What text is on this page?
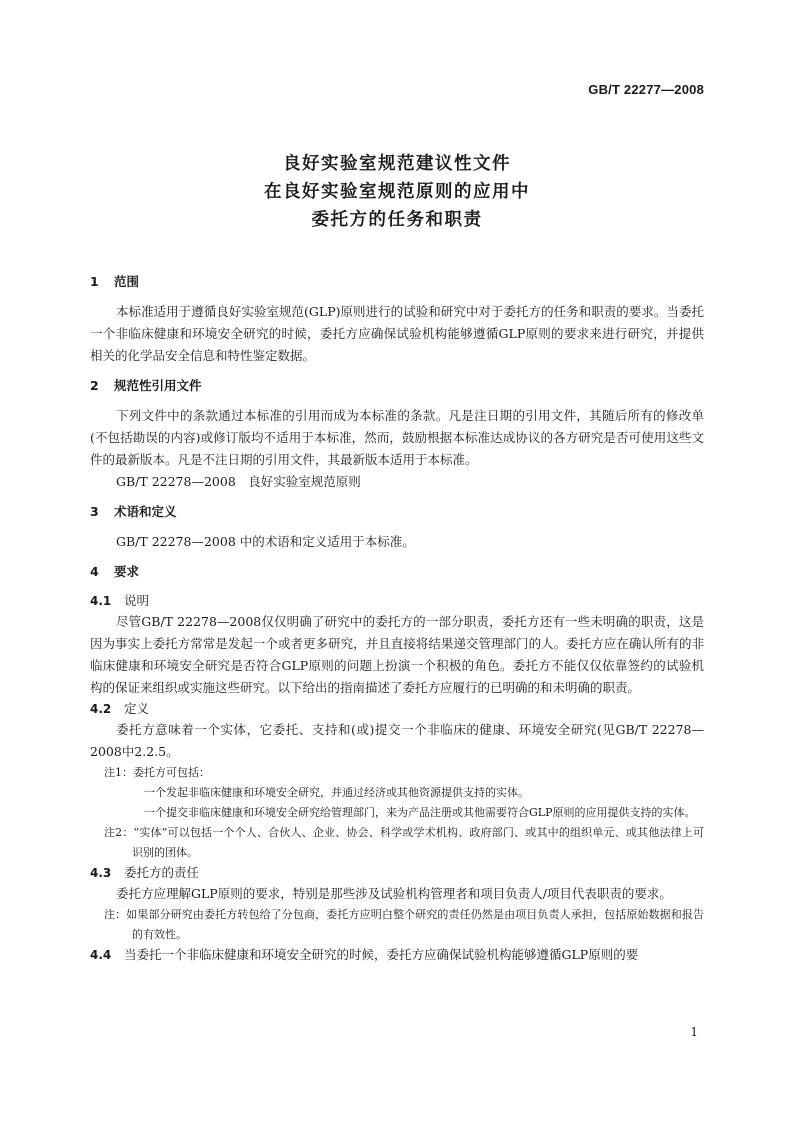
GB/T 22277—2008
良好实验室规范建议性文件
在良好实验室规范原则的应用中
委托方的任务和职责
1	范围

本标准适用于遵循良好实验室规范(GLP)原则进行的试验和研究中对于委托方的任务和职责的要求。当委托一个非临床健康和环境安全研究的时候，委托方应确保试验机构能够遵循GLP原则的要求来进行研究，并提供相关的化学品安全信息和特性鉴定数据。

2	规范性引用文件

下列文件中的条款通过本标准的引用而成为本标准的条款。凡是注日期的引用文件，其随后所有的修改单(不包括勘误的内容)或修订版均不适用于本标准，然而，鼓励根据本标准达成协议的各方研究是否可使用这些文件的最新版本。凡是不注日期的引用文件，其最新版本适用于本标准。

GB/T 22278—2008　良好实验室规范原则
3	术语和定义

GB/T 22278—2008 中的术语和定义适用于本标准。

4	要求
4.1	说明

尽管GB/T 22278—2008仅仅明确了研究中的委托方的一部分职责，委托方还有一些未明确的职责，这是因为事实上委托方常常是发起一个或者更多研究，并且直接将结果递交管理部门的人。委托方应在确认所有的非临床健康和环境安全研究是否符合GLP原则的问题上扮演一个积极的角色。委托方不能仅仅依靠签约的试验机构的保证来组织或实施这些研究。以下给出的指南描述了委托方应履行的已明确的和未明确的职责。

4.2	定义

委托方意味着一个实体，它委托、支持和(或)提交一个非临床的健康、环境安全研究(见GB/T 22278—2008中2.2.5。

注1：委托方可包括：
一个发起非临床健康和环境安全研究，并通过经济或其他资源提供支持的实体。
一个提交非临床健康和环境安全研究给管理部门，来为产品注册或其他需要符合GLP原则的应用提供支持的实体。
注2：“实体”可以包括一个个人、合伙人、企业、协会、科学或学术机构、政府部门、或其中的组织单元、或其他法律上可识别的团体。
4.3	委托方的责任

委托方应理解GLP原则的要求，特别是那些涉及试验机构管理者和项目负责人/项目代表职责的要求。

注：如果部分研究由委托方转包给了分包商，委托方应明白整个研究的责任仍然是由项目负责人承担，包括原始数据和报告的有效性。
4.4	当委托一个非临床健康和环境安全研究的时候，委托方应确保试验机构能够遵循GLP原则的要
1
